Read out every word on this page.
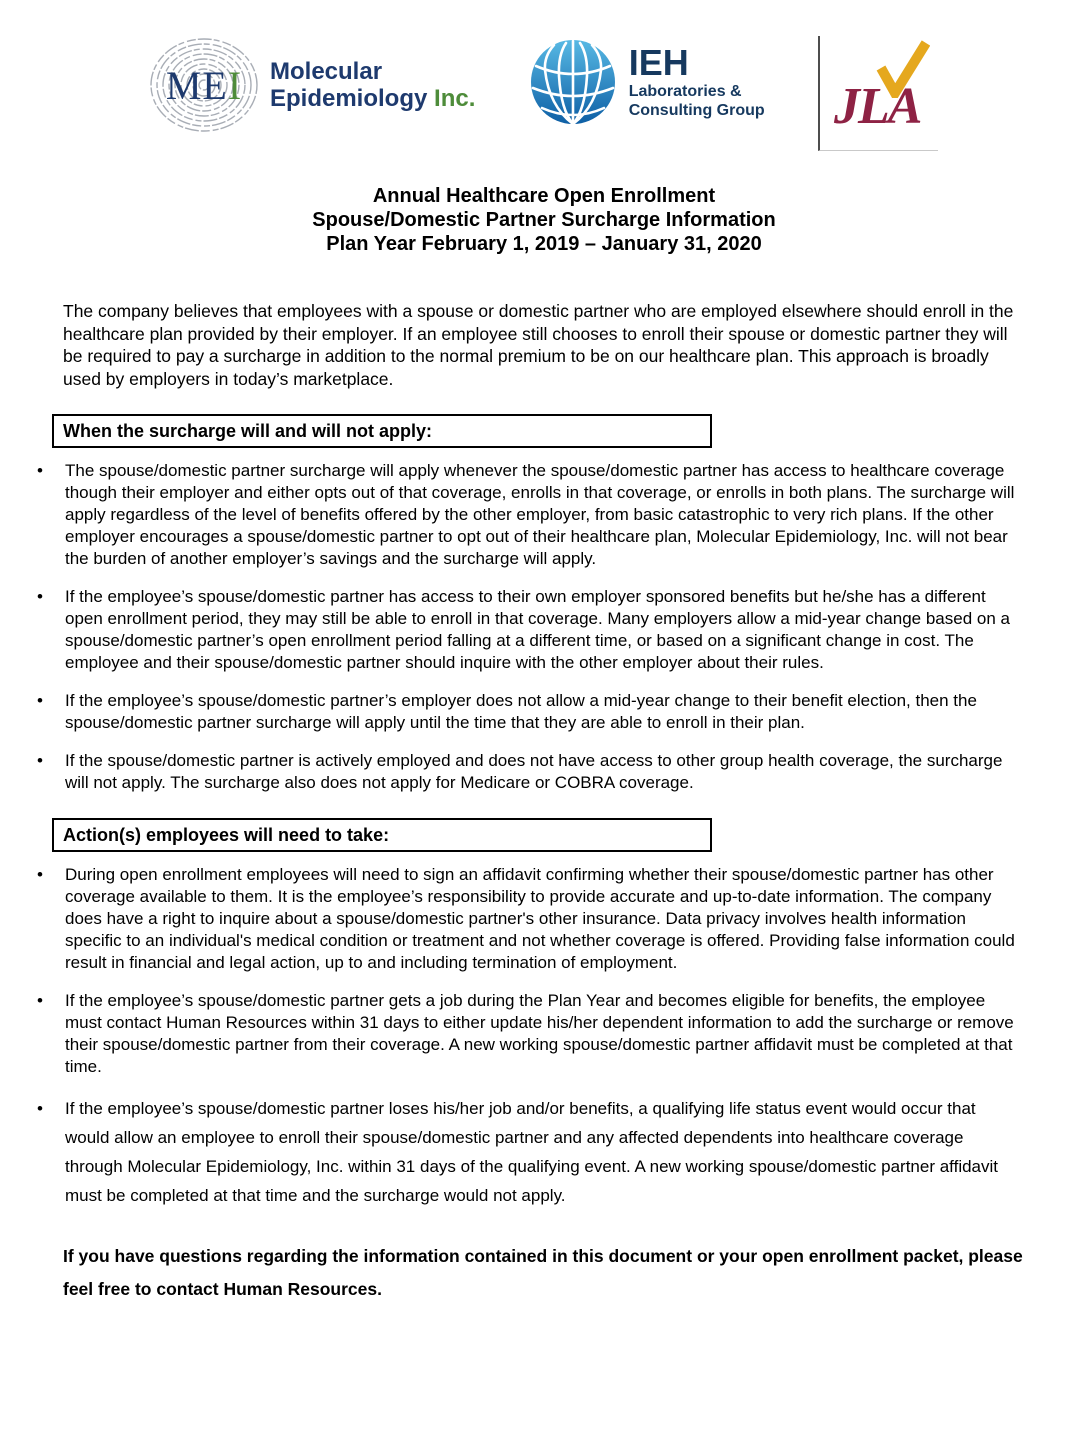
ME I Molecular
Epidemiology Inc.
IEH
Laboratories &
Consulting Group JLA
Annual Healthcare Open Enrollment
Spouse/Domestic Partner Surcharge Information
Plan Year February 1, 2019 – January 31, 2020

The company believes that employees with a spouse or domestic partner who are employed elsewhere should enroll in the healthcare plan provided by their employer. If an employee still chooses to enroll their spouse or domestic partner they will be required to pay a surcharge in addition to the normal premium to be on our healthcare plan. This approach is broadly used by employers in today’s marketplace.

When the surcharge will and will not apply:
•	The spouse/domestic partner surcharge will apply whenever the spouse/domestic partner has access to healthcare coverage though their employer and either opts out of that coverage, enrolls in that coverage, or enrolls in both plans. The surcharge will apply regardless of the level of benefits offered by the other employer, from basic catastrophic to very rich plans. If the other employer encourages a spouse/domestic partner to opt out of their healthcare plan, Molecular Epidemiology, Inc. will not bear the burden of another employer’s savings and the surcharge will apply.
•	If the employee’s spouse/domestic partner has access to their own employer sponsored benefits but he/she has a different open enrollment period, they may still be able to enroll in that coverage. Many employers allow a mid-year change based on a spouse/domestic partner’s open enrollment period falling at a different time, or based on a significant change in cost. The employee and their spouse/domestic partner should inquire with the other employer about their rules.
•	If the employee’s spouse/domestic partner’s employer does not allow a mid-year change to their benefit election, then the spouse/domestic partner surcharge will apply until the time that they are able to enroll in their plan.
•	If the spouse/domestic partner is actively employed and does not have access to other group health coverage, the surcharge will not apply. The surcharge also does not apply for Medicare or COBRA coverage.
Action(s) employees will need to take:
•	During open enrollment employees will need to sign an affidavit confirming whether their spouse/domestic partner has other coverage available to them. It is the employee’s responsibility to provide accurate and up-to-date information. The company does have a right to inquire about a spouse/domestic partner's other insurance. Data privacy involves health information specific to an individual's medical condition or treatment and not whether coverage is offered. Providing false information could result in financial and legal action, up to and including termination of employment.
•	If the employee’s spouse/domestic partner gets a job during the Plan Year and becomes eligible for benefits, the employee must contact Human Resources within 31 days to either update his/her dependent information to add the surcharge or remove their spouse/domestic partner from their coverage. A new working spouse/domestic partner affidavit must be completed at that time.
•	If the employee’s spouse/domestic partner loses his/her job and/or benefits, a qualifying life status event would occur that would allow an employee to enroll their spouse/domestic partner and any affected dependents into healthcare coverage through Molecular Epidemiology, Inc. within 31 days of the qualifying event. A new working spouse/domestic partner affidavit must be completed at that time and the surcharge would not apply.

If you have questions regarding the information contained in this document or your open enrollment packet, please feel free to contact Human Resources.
